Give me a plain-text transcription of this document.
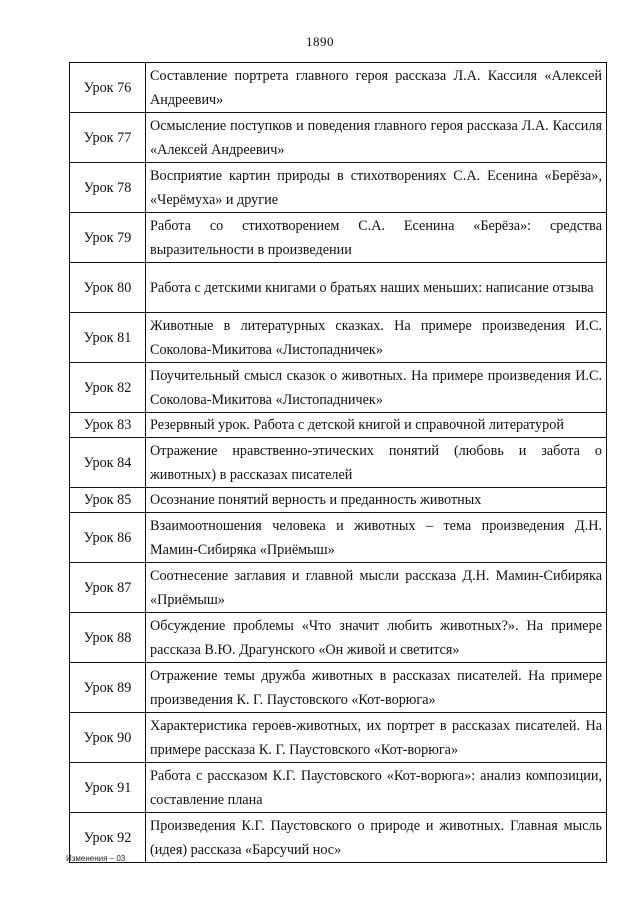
1890
Урок 76	Составление портрета главного героя рассказа Л.А. Кассиля «Алексей Андреевич»
Урок 77	Осмысление поступков и поведения главного героя рассказа Л.А. Кассиля «Алексей Андреевич»
Урок 78	Восприятие картин природы в стихотворениях С.А. Есенина «Берёза», «Черёмуха» и другие
Урок 79	Работа со стихотворением С.А. Есенина «Берёза»: средства выразительности в произведении
Урок 80	Работа с детскими книгами о братьях наших меньших: написание отзыва
Урок 81	Животные в литературных сказках. На примере произведения И.С. Соколова-Микитова «Листопадничек»
Урок 82	Поучительный смысл сказок о животных. На примере произведения И.С. Соколова-Микитова «Листопадничек»
Урок 83	Резервный урок. Работа с детской книгой и справочной литературой
Урок 84	Отражение нравственно-этических понятий (любовь и забота о животных) в рассказах писателей
Урок 85	Осознание понятий верность и преданность животных
Урок 86	Взаимоотношения человека и животных – тема произведения Д.Н. Мамин-Сибиряка «Приёмыш»
Урок 87	Соотнесение заглавия и главной мысли рассказа Д.Н. Мамин-Сибиряка «Приёмыш»
Урок 88	Обсуждение проблемы «Что значит любить животных?». На примере рассказа В.Ю. Драгунского «Он живой и светится»
Урок 89	Отражение темы дружба животных в рассказах писателей. На примере произведения К. Г. Паустовского «Кот-ворюга»
Урок 90	Характеристика героев-животных, их портрет в рассказах писателей. На примере рассказа К. Г. Паустовского «Кот-ворюга»
Урок 91	Работа с рассказом К.Г. Паустовского «Кот-ворюга»: анализ композиции, составление плана
Урок 92	Произведения К.Г. Паустовского о природе и животных. Главная мысль (идея) рассказа «Барсучий нос»
Изменения – 03
